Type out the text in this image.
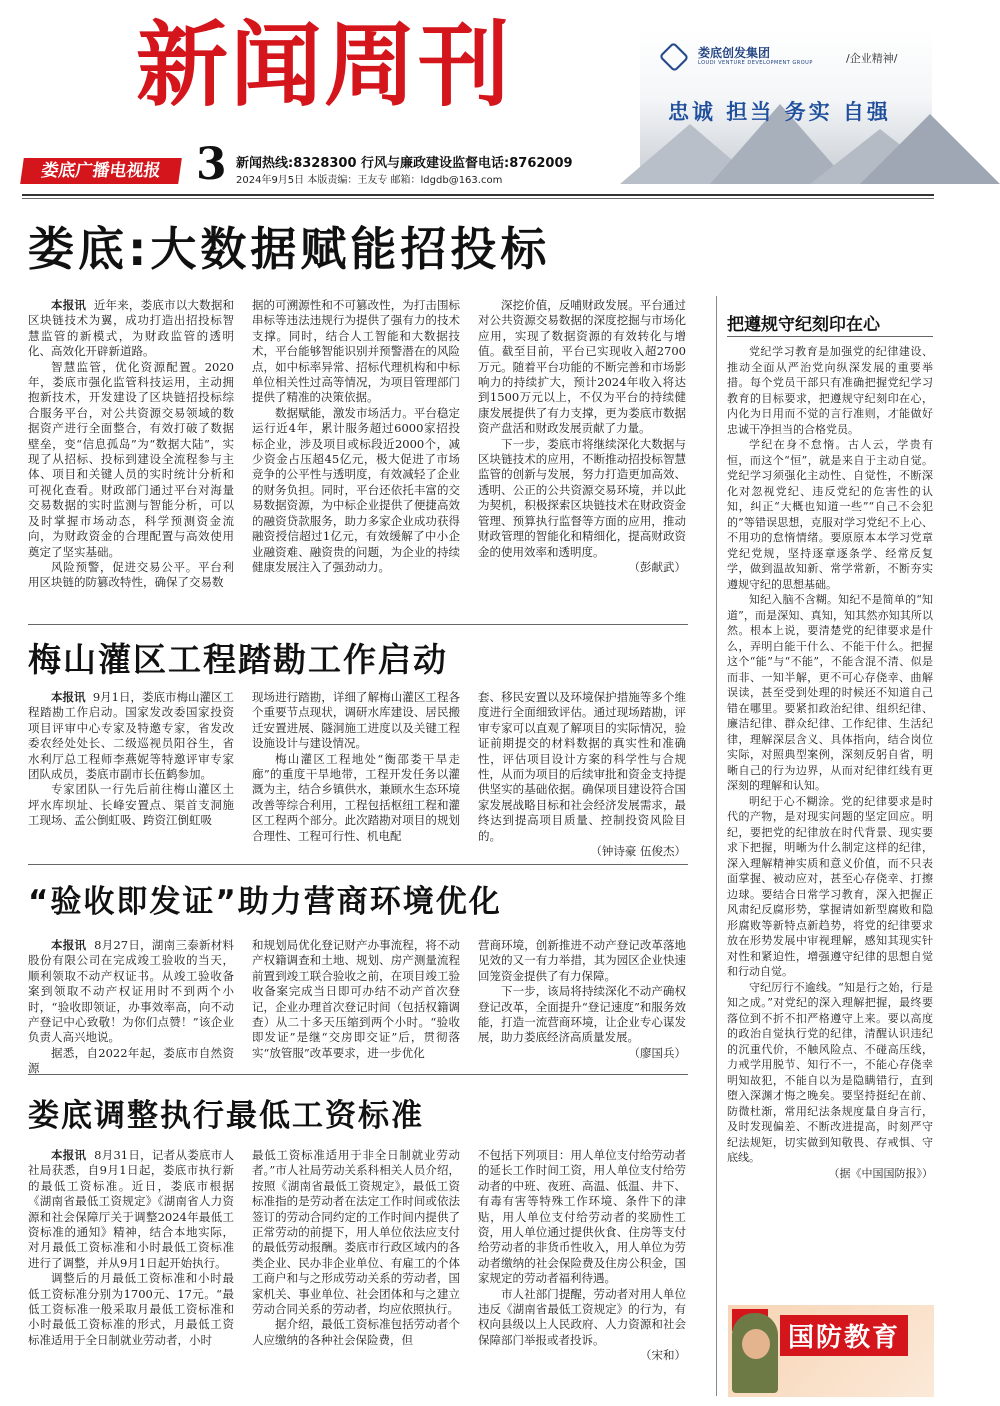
新闻周刊
娄底广播电视报 3 新闻热线:8328300 行风与廉政建设监督电话:8762009
2024年9月5日 本版责编：王友专 邮箱：ldgdb@163.com
娄底创发集团
LOUDI VENTURE DEVELOPMENT GROUP	/企业精神/
忠诚 担当 务实 自强
娄底:大数据赋能招投标

本报讯 近年来，娄底市以大数据和区块链技术为翼，成功打造出招投标智慧监管的新模式，为财政监管的透明化、高效化开辟新道路。

智慧监管，优化资源配置。2020年，娄底市强化监管科技运用，主动拥抱新技术，开发建设了区块链招投标综合服务平台，对公共资源交易领域的数据资产进行全面整合，有效打破了数据壁垒，变“信息孤岛”为“数据大陆”，实现了从招标、投标到建设全流程参与主体、项目和关键人员的实时统计分析和可视化查看。财政部门通过平台对海量交易数据的实时监测与智能分析，可以及时掌握市场动态，科学预测资金流向，为财政资金的合理配置与高效使用奠定了坚实基础。

风险预警，促进交易公平。平台利用区块链的防篡改特性，确保了交易数

据的可溯源性和不可篡改性，为打击围标串标等违法违规行为提供了强有力的技术支撑。同时，结合人工智能和大数据技术，平台能够智能识别并预警潜在的风险点，如中标率异常、招标代理机构和中标单位相关性过高等情况，为项目管理部门提供了精准的决策依据。

数据赋能，激发市场活力。平台稳定运行近4年，累计服务超过6000家招投标企业，涉及项目或标段近2000个，减少资金占压超45亿元，极大促进了市场竞争的公平性与透明度，有效减轻了企业的财务负担。同时，平台还依托丰富的交易数据资源，为中标企业提供了便捷高效的融资贷款服务，助力多家企业成功获得融资授信超过1亿元，有效缓解了中小企业融资难、融资贵的问题，为企业的持续健康发展注入了强劲动力。

深挖价值，反哺财政发展。平台通过对公共资源交易数据的深度挖掘与市场化应用，实现了数据资源的有效转化与增值。截至目前，平台已实现收入超2700万元。随着平台功能的不断完善和市场影响力的持续扩大，预计2024年收入将达到1500万元以上，不仅为平台的持续健康发展提供了有力支撑，更为娄底市数据资产盘活和财政发展贡献了力量。

下一步，娄底市将继续深化大数据与区块链技术的应用，不断推动招投标智慧监管的创新与发展，努力打造更加高效、透明、公正的公共资源交易环境，并以此为契机，积极探索区块链技术在财政资金管理、预算执行监督等方面的应用，推动财政管理的智能化和精细化，提高财政资金的使用效率和透明度。

（彭献武）
梅山灌区工程踏勘工作启动

本报讯 9月1日，娄底市梅山灌区工程踏勘工作启动。国家发改委国家投资项目评审中心专家及特邀专家，省发改委农经处处长、二级巡视员阳谷生，省水利厅总工程师李燕妮等特邀评审专家团队成员，娄底市副市长伍鹤参加。

专家团队一行先后前往梅山灌区土坪水库坝址、长峰安置点、渠首支洞施工现场、孟公倒虹吸、跨资江倒虹吸

现场进行踏勘，详细了解梅山灌区工程各个重要节点现状，调研水库建设、居民搬迁安置进展、隧洞施工进度以及关键工程设施设计与建设情况。

梅山灌区工程地处“衡邵娄干旱走廊”的重度干旱地带，工程开发任务以灌溉为主，结合乡镇供水，兼顾水生态环境改善等综合利用，工程包括枢纽工程和灌区工程两个部分。此次踏勘对项目的规划合理性、工程可行性、机电配

套、移民安置以及环境保护措施等多个维度进行全面细致评估。通过现场踏勘，评审专家可以直观了解项目的实际情况，验证前期提交的材料数据的真实性和准确性，评估项目设计方案的科学性与合规性，从而为项目的后续审批和资金支持提供坚实的基础依据。确保项目建设符合国家发展战略目标和社会经济发展需求，最终达到提高项目质量、控制投资风险目的。

（钟诗豪 伍俊杰）
“验收即发证”助力营商环境优化

本报讯 8月27日，湖南三泰新材料股份有限公司在完成竣工验收的当天，顺利领取不动产权证书。从竣工验收备案到领取不动产权证用时不到两个小时，“验收即领证，办事效率高，向不动产登记中心致敬！为你们点赞！”该企业负责人高兴地说。

据悉，自2022年起，娄底市自然资源

和规划局优化登记财产办事流程，将不动产权籍调查和土地、规划、房产测量流程前置到竣工联合验收之前，在项目竣工验收备案完成当日即可办结不动产首次登记，企业办理首次登记时间（包括权籍调查）从二十多天压缩到两个小时。“验收即发证”是继“交房即交证”后，贯彻落实“放管服”改革要求，进一步优化

营商环境，创新推进不动产登记改革落地见效的又一有力举措，其为园区企业快速回笼资金提供了有力保障。

下一步，该局将持续深化不动产确权登记改革，全面提升“登记速度”和服务效能，打造一流营商环境，让企业专心谋发展，助力娄底经济高质量发展。

（廖国兵）
娄底调整执行最低工资标准

本报讯 8月31日，记者从娄底市人社局获悉，自9月1日起，娄底市执行新的最低工资标准。近日，娄底市根据《湖南省最低工资规定》《湖南省人力资源和社会保障厅关于调整2024年最低工资标准的通知》精神，结合本地实际，对月最低工资标准和小时最低工资标准进行了调整，并从9月1日起开始执行。

调整后的月最低工资标准和小时最低工资标准分别为1700元、17元。“最低工资标准一般采取月最低工资标准和小时最低工资标准的形式，月最低工资标准适用于全日制就业劳动者，小时

最低工资标准适用于非全日制就业劳动者。”市人社局劳动关系科相关人员介绍，按照《湖南省最低工资规定》，最低工资标准指的是劳动者在法定工作时间或依法签订的劳动合同约定的工作时间内提供了正常劳动的前提下，用人单位依法应支付的最低劳动报酬。娄底市行政区域内的各类企业、民办非企业单位、有雇工的个体工商户和与之形成劳动关系的劳动者，国家机关、事业单位、社会团体和与之建立劳动合同关系的劳动者，均应依照执行。

据介绍，最低工资标准包括劳动者个人应缴纳的各种社会保险费，但

不包括下列项目：用人单位支付给劳动者的延长工作时间工资，用人单位支付给劳动者的中班、夜班、高温、低温、井下、有毒有害等特殊工作环境、条件下的津贴，用人单位支付给劳动者的奖励性工资，用人单位通过提供伙食、住房等支付给劳动者的非货币性收入，用人单位为劳动者缴纳的社会保险费及住房公积金，国家规定的劳动者福利待遇。

市人社部门提醒，劳动者对用人单位违反《湖南省最低工资规定》的行为，有权向县级以上人民政府、人力资源和社会保障部门举报或者投诉。

（宋和）
把遵规守纪刻印在心

党纪学习教育是加强党的纪律建设、推动全面从严治党向纵深发展的重要举措。每个党员干部只有准确把握党纪学习教育的目标要求，把遵规守纪刻印在心，内化为日用而不觉的言行准则，才能做好忠诚干净担当的合格党员。

学纪在身不怠惰。古人云，学贵有恒，而这个“恒”，就是来自于主动自觉。党纪学习须强化主动性、自觉性，不断深化对忽视党纪、违反党纪的危害性的认知，纠正“大概也知道一些”“自己不会犯的”等错误思想，克服对学习党纪不上心、不用功的怠惰情绪。要原原本本学习党章党纪党规，坚持逐章逐条学、经常反复学，做到温故知新、常学常新，不断夯实遵规守纪的思想基础。

知纪入脑不含糊。知纪不是简单的“知道”，而是深知、真知，知其然亦知其所以然。根本上说，要清楚党的纪律要求是什么，弄明白能干什么、不能干什么。把握这个“能”与“不能”，不能含混不清、似是而非、一知半解，更不可心存侥幸、曲解误读，甚至受到处理的时候还不知道自己错在哪里。要紧扣政治纪律、组织纪律、廉洁纪律、群众纪律、工作纪律、生活纪律，理解深层含义、具体指向，结合岗位实际，对照典型案例，深刻反躬自省，明晰自己的行为边界，从而对纪律红线有更深刻的理解和认知。

明纪于心不糊涂。党的纪律要求是时代的产物，是对现实问题的坚定回应。明纪，要把党的纪律放在时代背景、现实要求下把握，明晰为什么制定这样的纪律，深入理解精神实质和意义价值，而不只表面掌握、被动应对，甚至心存侥幸、打擦边球。要结合日常学习教育，深入把握正风肃纪反腐形势，掌握请如新型腐败和隐形腐败等新特点新趋势，将党的纪律要求放在形势发展中审视理解，感知其现实针对性和紧迫性，增强遵守纪律的思想自觉和行动自觉。

守纪厉行不逾线。“知是行之始，行是知之成。”对党纪的深入理解把握，最终要落位到不折不扣严格遵守上来。要以高度的政治自觉执行党的纪律，清醒认识违纪的沉重代价，不触风险点、不碰高压线，力戒学用脱节、知行不一，不能心存侥幸明知故犯，不能自以为是隐瞒错行，直到堕入深渊才悔之晚矣。要坚持挺纪在前、防微杜渐，常用纪法条规度量自身言行，及时发现偏差、不断改进提高，时刻严守纪法规矩，切实做到知敬畏、存戒惧、守底线。

（据《中国国防报》）
国防教育
